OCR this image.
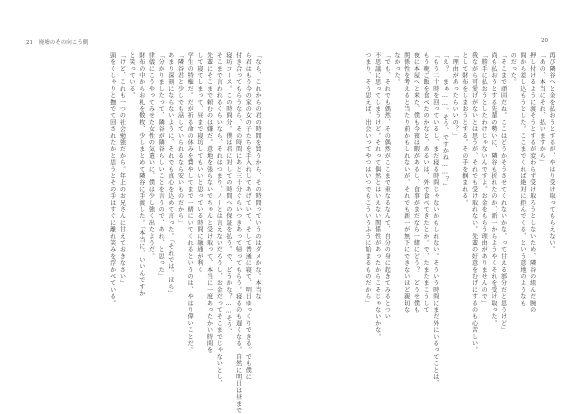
21 廃墟のその向こう側
「なら、これからの君の時間を買うから、その時間っていうのはダメかな。本当な
ら君はもう今の家の女の子たちを手入れしてあげていて、そして普通に寝て、明日ゆっくりできる。でも僕に
付き合ってもらうなら、その時間にあと三十分ぐらいつきあって帰ってもらう。寝るのも遅くなる。自然に明日は昼まで
寝坊コース。この時間分。僕は君に対しての時間への保証を払う。で、どうかな？……そう、
そこまで言われるくらいなら、それはつまり、ノーとは言えないだろうし、お金だってそこまでじゃないとし、
先輩にそこまで頼むのは嫌だ。意地を張らないでちゃんと受け取って、本当に一度あったかい時間を
して寝てしまって、昼まで寝坊してもいいと思っている時間に融通が利く
学生の特権だ。だが祈る命の休みを費やしてまで一緒にいてくれるというのは、やはり偉いことだ。
「隣谷君と少しでも話していられるなら安いものだから」
あまり深刻にならないように、それでも真心を込めて言った。「それでは、ほら」
「分かりましたって、隣谷が隣谷らしいことを言うので、あれ、と思った」
律儀にこうやってみせた女性の気遣いに、僕は少し強く出たようだ。
財布の中からお札を数枚、少しまとめて隣谷に手渡した。「本当に、いいんですか
と笑っている。
「けど、これも一つの社会勉強だから。年上のお兄さんに甘えておきなさい」
頭をくしゃりと撫でて回されたかと思うとその手はすぐに離れ笑みを浮かべている。
20
再び隣谷へと金を払おうとするが、やはり受け取ってもらえない。
「あの、本当にそれ、払いますから」
押し付けるように渡そうとするが変わらず受け取ろうとしないため、隣谷の組んだ腕の
間から差し込もうとした。ここまでくれば絶対に拒んでくる、という意地のようなも
のだった。
「そこまで頑固だね。ここはどうかそうさせてくれないかな、って甘える部分だと思うけど」
尚も払おうとする先輩の勢いに、隣谷も折れたのか、新一からようやくそれを受け取った。
「勝手に払おうとしたわけじゃないんですよ。お金をもらう理由がありませんので」
我ながら可愛げがないとは思うが、それでも受け取れない。先輩の好意をむげにするのも心苦しい。
として財布をしまおうとする。その手を掴まれる。
「理由があったらいいの？」
「え？　まぁ……。そう、ですかね……？」
「もう二十時を回っているし、まだ寝る時間じゃないかもしれない。そういう時間にまだ外にいるってことは、
もう晩ご飯を食べたのかなと、あるいは、外で食べてきたとか。で、たまたまこうして
夜に本屋へと来た、僕も今夜は暇があるし、食事がまだなら一緒にどう？　どうせ僕も
関係性を考えると当たり前かもしれないが、それでも新一が無下にできないほど親切な
なかった。
「でも、それでも偶然、その偶然がここまで重なるなんて、自分の身に起きてみるとつい
不思議に思ってしまうけど。それって偶然とはいえない関係性があったからこそじゃないかな。
つまり、そう思えば、出会いってやつはいつでもこういうふうに始まるものだから」
